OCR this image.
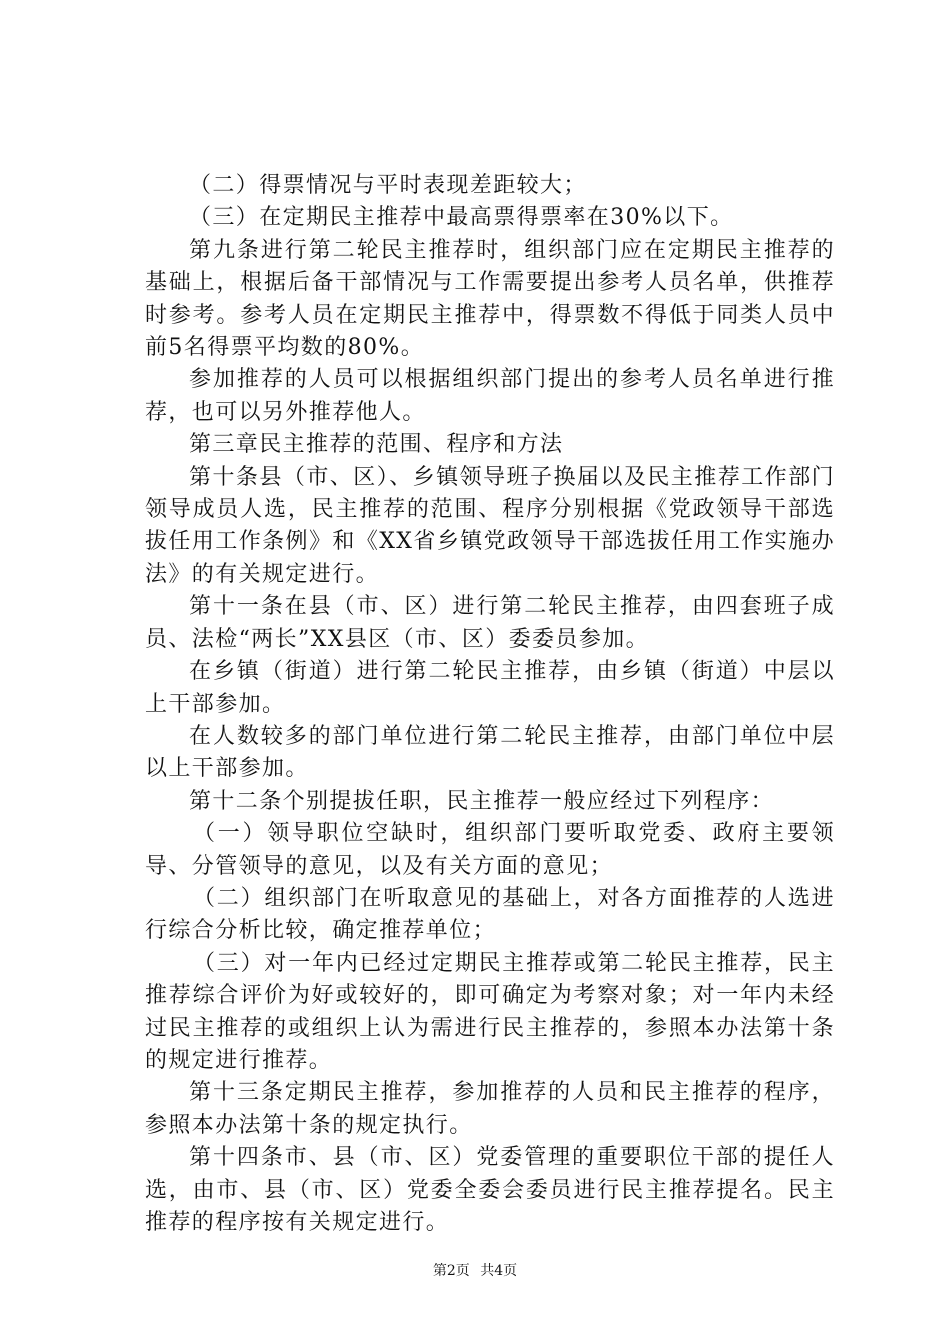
（二）得票情况与平时表现差距较大；

（三）在定期民主推荐中最高票得票率在30%以下。

第九条进行第二轮民主推荐时，组织部门应在定期民主推荐的基础上，根据后备干部情况与工作需要提出参考人员名单，供推荐时参考。参考人员在定期民主推荐中，得票数不得低于同类人员中前5名得票平均数的80%。

参加推荐的人员可以根据组织部门提出的参考人员名单进行推荐，也可以另外推荐他人。

第三章民主推荐的范围、程序和方法

第十条县（市、区）、乡镇领导班子换届以及民主推荐工作部门领导成员人选，民主推荐的范围、程序分别根据《党政领导干部选拔任用工作条例》和《XX省乡镇党政领导干部选拔任用工作实施办法》的有关规定进行。

第十一条在县（市、区）进行第二轮民主推荐，由四套班子成员、法检“两长”XX县区（市、区）委委员参加。

在乡镇（街道）进行第二轮民主推荐，由乡镇（街道）中层以上干部参加。

在人数较多的部门单位进行第二轮民主推荐，由部门单位中层以上干部参加。

第十二条个别提拔任职，民主推荐一般应经过下列程序：

（一）领导职位空缺时，组织部门要听取党委、政府主要领导、分管领导的意见，以及有关方面的意见；

（二）组织部门在听取意见的基础上，对各方面推荐的人选进行综合分析比较，确定推荐单位；

（三）对一年内已经过定期民主推荐或第二轮民主推荐，民主推荐综合评价为好或较好的，即可确定为考察对象；对一年内未经过民主推荐的或组织上认为需进行民主推荐的，参照本办法第十条的规定进行推荐。

第十三条定期民主推荐，参加推荐的人员和民主推荐的程序，参照本办法第十条的规定执行。

第十四条市、县（市、区）党委管理的重要职位干部的提任人选，由市、县（市、区）党委全委会委员进行民主推荐提名。民主推荐的程序按有关规定进行。

第2页 共4页
